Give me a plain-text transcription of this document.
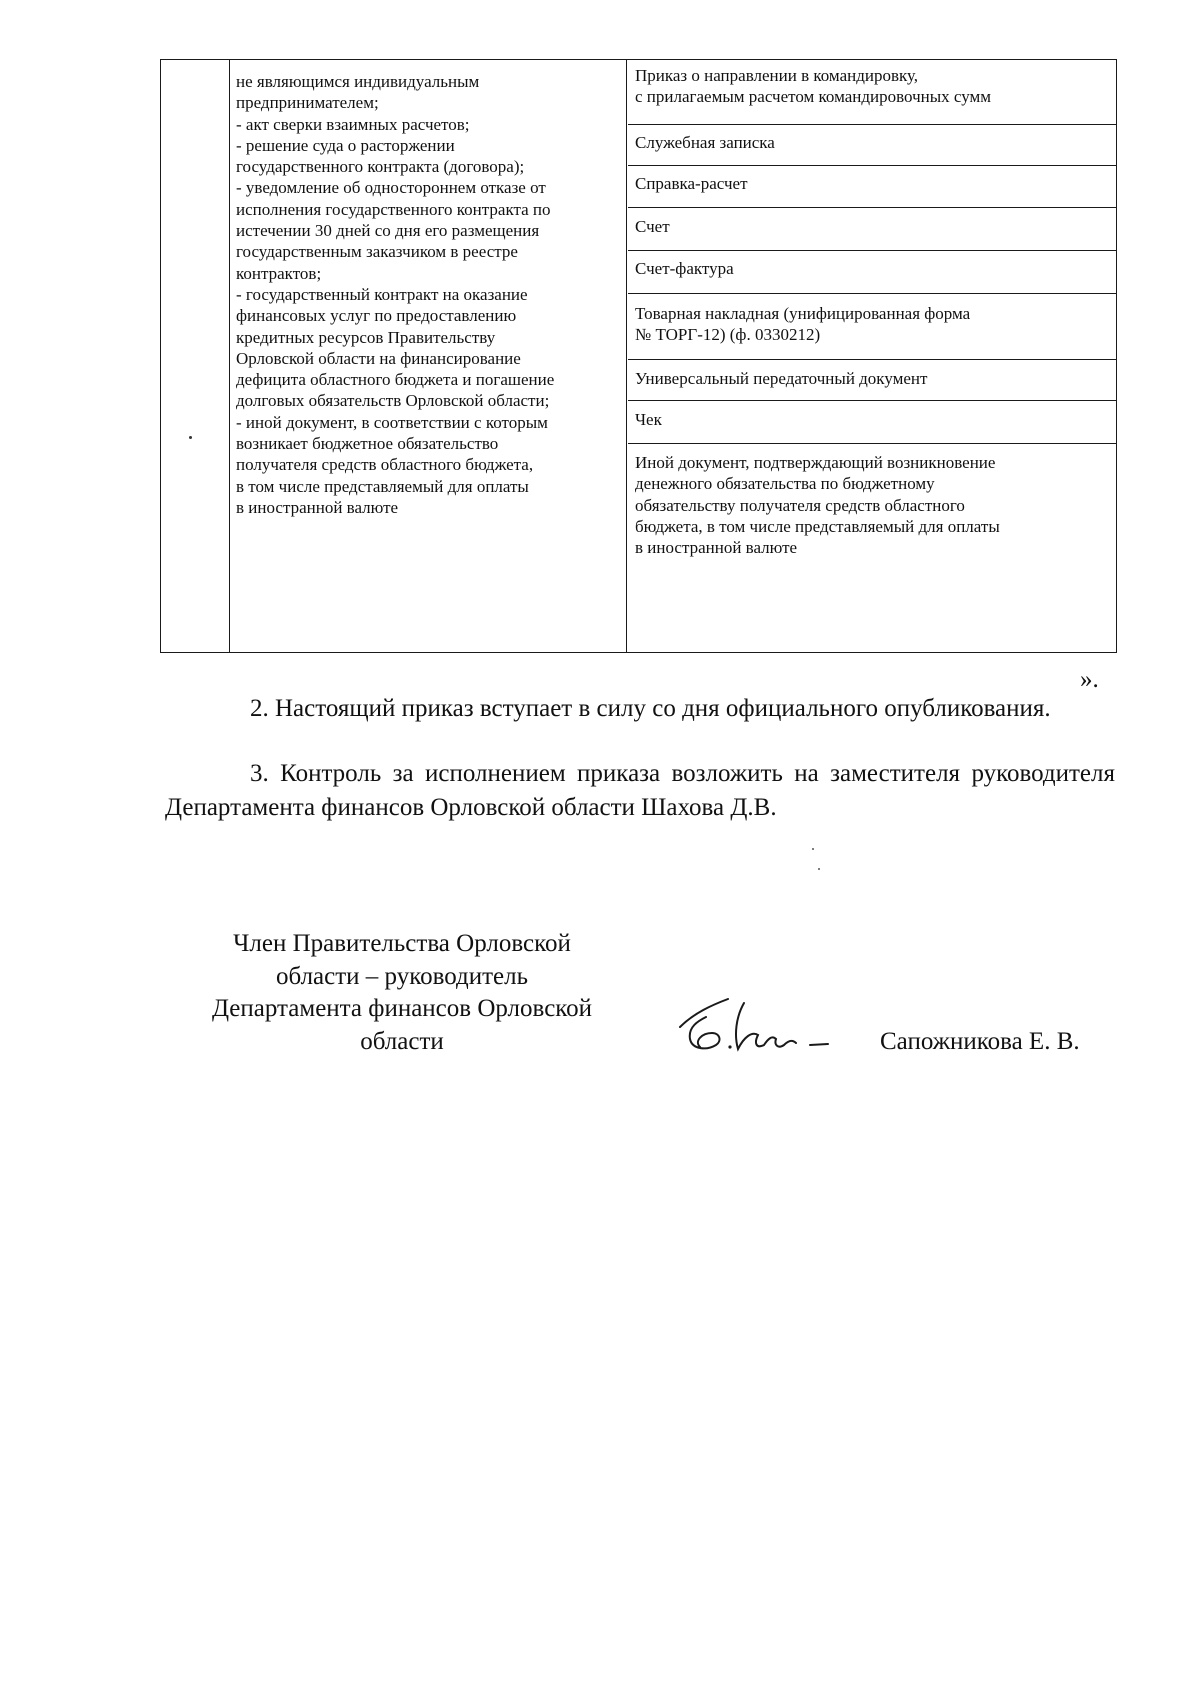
не являющимся индивидуальным
предпринимателем;
- акт сверки взаимных расчетов;
- решение суда о расторжении
государственного контракта (договора);
- уведомление об одностороннем отказе от
исполнения государственного контракта по
истечении 30 дней со дня его размещения
государственным заказчиком в реестре
контрактов;
- государственный контракт на оказание
финансовых услуг по предоставлению
кредитных ресурсов Правительству
Орловской области на финансирование
дефицита областного бюджета и погашение
долговых обязательств Орловской области;
- иной документ, в соответствии с которым
возникает бюджетное обязательство
получателя средств областного бюджета,
в том числе представляемый для оплаты
в иностранной валюте
Приказ о направлении в командировку,
с прилагаемым расчетом командировочных сумм
Служебная записка
Справка-расчет
Счет
Счет-фактура
Товарная накладная (унифицированная форма
№ ТОРГ-12) (ф. 0330212)
Универсальный передаточный документ
Чек
Иной документ, подтверждающий возникновение
денежного обязательства по бюджетному
обязательству получателя средств областного
бюджета, в том числе представляемый для оплаты
в иностранной валюте
».
2. Настоящий приказ вступает в силу со дня официального опубликования.
3. Контроль за исполнением приказа возложить на заместителя руководителя Департамента финансов Орловской области Шахова Д.В.
Член Правительства Орловской
области – руководитель
Департамента финансов Орловской
области	Сапожникова Е. В.
